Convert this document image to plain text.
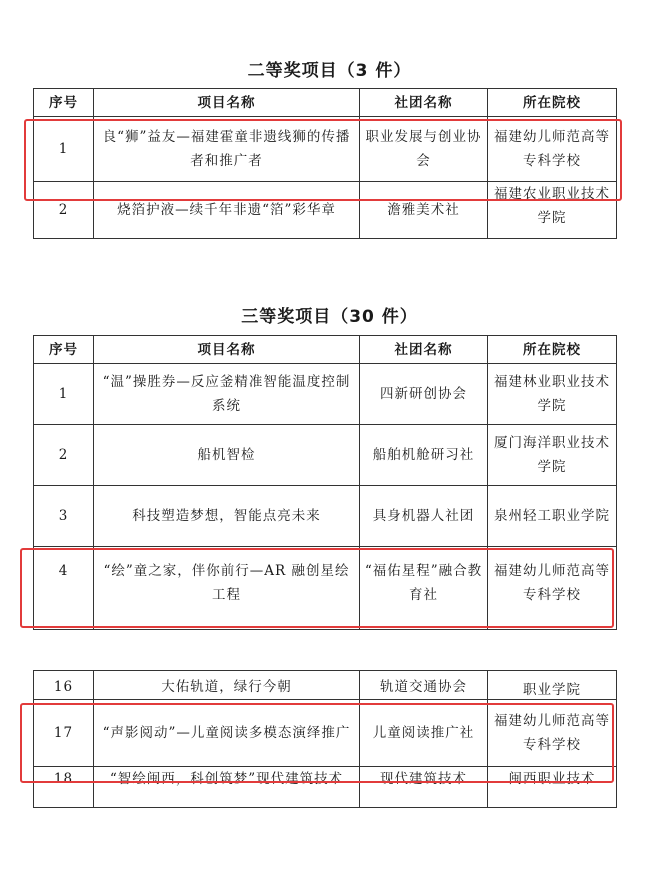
二等奖项目（3 件）
序号	项目名称	社团名称	所在院校
1	良“狮”益友—福建霍童非遗线狮的传播者和推广者	职业发展与创业协会	福建幼儿师范高等专科学校
2	烧箔护液—续千年非遗“箔”彩华章	澹雅美术社	福建农业职业技术学院
三等奖项目（30 件）
序号	项目名称	社团名称	所在院校
1	“温”操胜券—反应釜精准智能温度控制系统	四新研创协会	福建林业职业技术学院
2	船机智检	船舶机舱研习社	厦门海洋职业技术学院
3	科技塑造梦想，智能点亮未来	具身机器人社团	泉州轻工职业学院
4	“绘”童之家，伴你前行—AR 融创星绘工程	“福佑星程”融合教育社	福建幼儿师范高等专科学校
16	大佑轨道，绿行今朝	轨道交通协会	职业学院
17	“声影阅动”—儿童阅读多模态演绎推广	儿童阅读推广社	福建幼儿师范高等专科学校
18	“智绘闽西，科创筑梦”现代建筑技术	现代建筑技术	闽西职业技术
